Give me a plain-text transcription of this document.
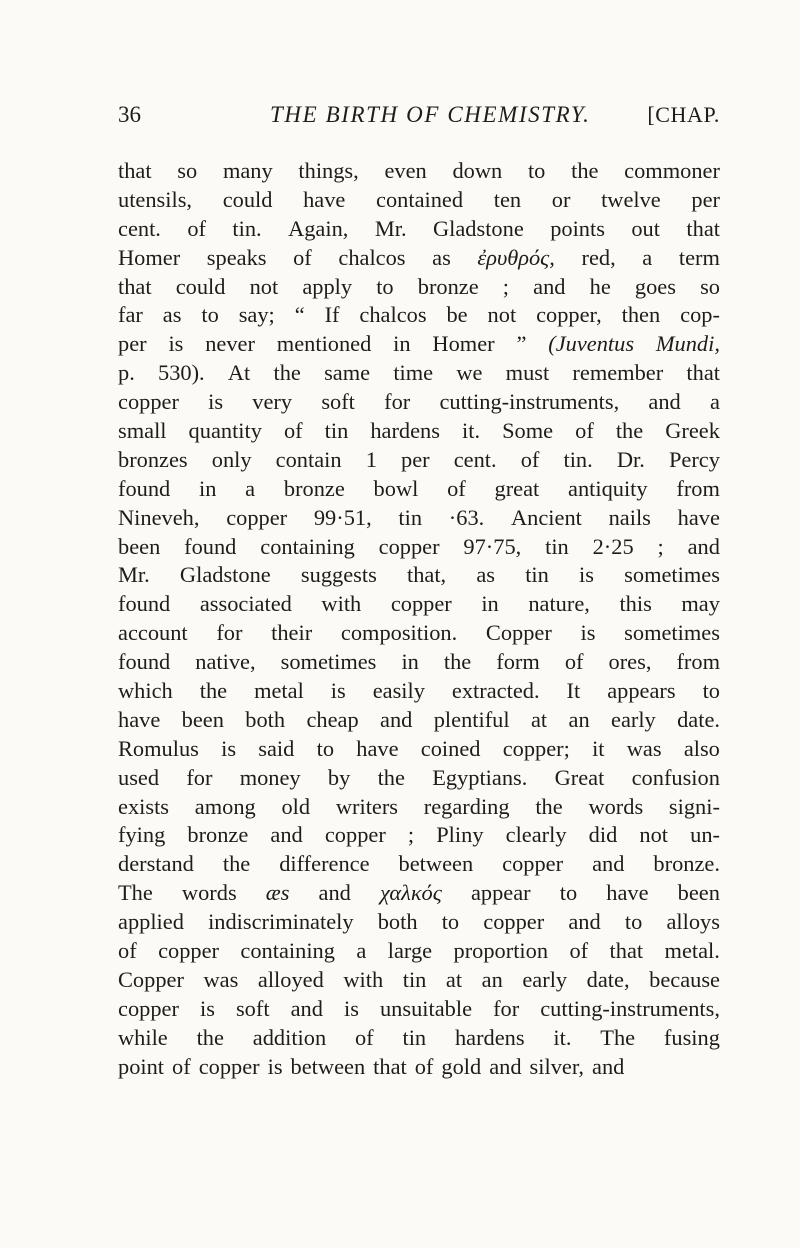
36	THE BIRTH OF CHEMISTRY.	[CHAP.
that so many things, even down to the commoner
utensils, could have contained ten or twelve per
cent. of tin. Again, Mr. Gladstone points out that
Homer speaks of chalcos as ἐρυθρός, red, a term
that could not apply to bronze ; and he goes so
far as to say; “ If chalcos be not copper, then cop-
per is never mentioned in Homer ” (Juventus Mundi,
p. 530). At the same time we must remember that
copper is very soft for cutting-instruments, and a
small quantity of tin hardens it. Some of the Greek
bronzes only contain 1 per cent. of tin. Dr. Percy
found in a bronze bowl of great antiquity from
Nineveh, copper 99·51, tin ·63. Ancient nails have
been found containing copper 97·75, tin 2·25 ; and
Mr. Gladstone suggests that, as tin is sometimes
found associated with copper in nature, this may
account for their composition. Copper is sometimes
found native, sometimes in the form of ores, from
which the metal is easily extracted. It appears to
have been both cheap and plentiful at an early date.
Romulus is said to have coined copper; it was also
used for money by the Egyptians. Great confusion
exists among old writers regarding the words signi-
fying bronze and copper ; Pliny clearly did not un-
derstand the difference between copper and bronze.
The words æs and χαλκός appear to have been
applied indiscriminately both to copper and to alloys
of copper containing a large proportion of that metal.
Copper was alloyed with tin at an early date, because
copper is soft and is unsuitable for cutting-instruments,
while the addition of tin hardens it. The fusing
point of copper is between that of gold and silver, and
